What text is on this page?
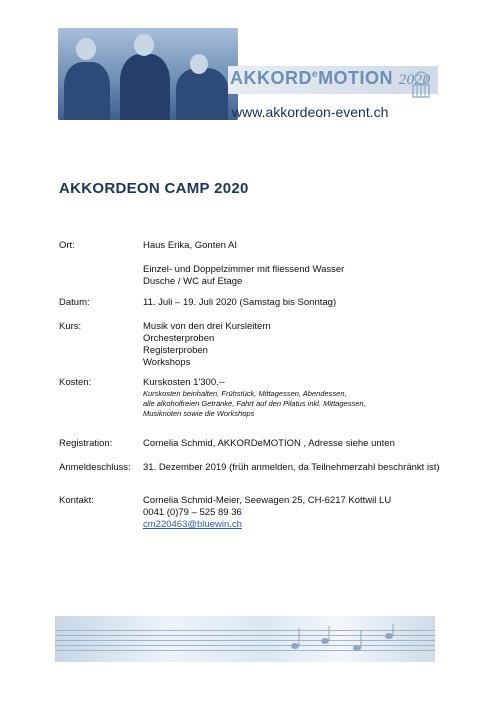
AKKORD$^e$MOTION 2020
www.akkordeon-event.ch
AKKORDEON CAMP 2020
Ort:	Haus Erika, Gonten AI
Einzel- und Doppelzimmer mit fliessend Wasser
Dusche / WC auf Etage
Datum:	11. Juli – 19. Juli 2020 (Samstag bis Sonntag)
Kurs:	Musik von den drei Kursleitern
Orchesterproben
Registerproben
Workshops
Kosten:	Kurskosten 1'300.--
Kurskosten beinhalten, Frühstück, Mittagessen, Abendessen,
alle alkoholfreien Getränke, Fahrt auf den Pilatus inkl. Mittagessen,
Musiknoten sowie die Workshops
Registration:	Cornelia Schmid, AKKORDeMOTION , Adresse siehe unten
Anmeldeschluss: 31. Dezember 2019 (früh anmelden, da Teilnehmerzahl beschränkt ist)
Kontakt:	Cornelia Schmid-Meier, Seewagen 25, CH-6217 Kottwil LU
0041 (0)79 – 525 89 36
cm220463@bluewin.ch
